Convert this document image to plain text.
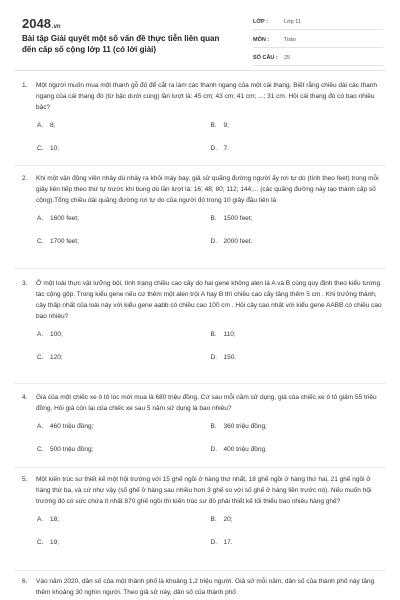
2048.vn
Bài tập Giải quyết một số vấn đề thực tiễn liên quan đến cấp số cộng lớp 11 (có lời giải)
LỚP :	Lớp 11
MÔN :	Toán
SỐ CÂU :	25
1. Một người muốn mua một thanh gỗ đủ để cắt ra làm các thanh ngang của một cái thang. Biết rằng chiều dài các thanh ngang của cái thang đó (từ bậc dưới cùng) lần lượt là: 45 cm; 43 cm; 41 cm; ...; 31 cm. Hỏi cái thang đó có bao nhiêu bậc?
A. 8;	B. 9;
C. 10;	D. 7.
2. Khi một vận động viên nhảy dù nhảy ra khỏi máy bay, giả sử quãng đường người ấy rơi tự do (tính theo feet) trong mỗi giây liên tiếp theo thứ tự trước khi bung dù lần lượt là: 16; 48; 80; 112; 144;... (các quãng đường này tạo thành cấp số cộng).Tổng chiều dài quãng đường rơi tự do của người đó trong 10 giây đầu tiên là
A. 1600 feet;	B. 1500 feet;
C. 1700 feet;	D. 2000 feet.
3. Ở một loài thực vật lưỡng bội, tính trạng chiều cao cây do hai gene không alen là A và B cùng quy định theo kiểu tương tác cộng gộp. Trong kiểu gene nếu cứ thêm một alen trội A hay B thì chiều cao cây tăng thêm 5 cm . Khi trưởng thành, cây thấp nhất của loài này với kiểu gene aabb có chiều cao 100 cm . Hỏi cây cao nhất với kiểu gene AABB có chiều cao bao nhiêu?
A. 100;	B. 110;
C. 120;	D. 150.
4. Giá của một chiếc xe ô tô lúc mới mua là 680 triệu đồng. Cứ sau mỗi năm sử dụng, giá của chiếc xe ô tô giảm 55 triệu đồng. Hỏi giá còn lại của chiếc xe sau 5 năm sử dụng là bao nhiêu?
A. 460 triệu đồng;	B. 360 triệu đồng;
C. 500 triệu đồng;	D. 400 triệu đồng.
5. Một kiến trúc sư thiết kế một hội trường với 15 ghế ngồi ở hàng thứ nhất, 18 ghế ngồi ở hàng thứ hai, 21 ghế ngồi ở hàng thứ ba, và cứ như vậy (số ghế ở hàng sau nhiều hơn 3 ghế so với số ghế ở hàng liền trước nó). Nếu muốn hội trường đó có sức chứa ít nhất 870 ghế ngồi thì kiến trúc sư đó phải thiết kế tối thiểu bao nhiêu hàng ghế?
A. 18;	B. 20;
C. 19;	D. 17.
6. Vào năm 2020, dân số của một thành phố là khoảng 1,2 triệu người. Giả sử mỗi năm, dân số của thành phố này tăng thêm khoảng 30 nghìn người. Theo giả sử này, dân số của thành phố
